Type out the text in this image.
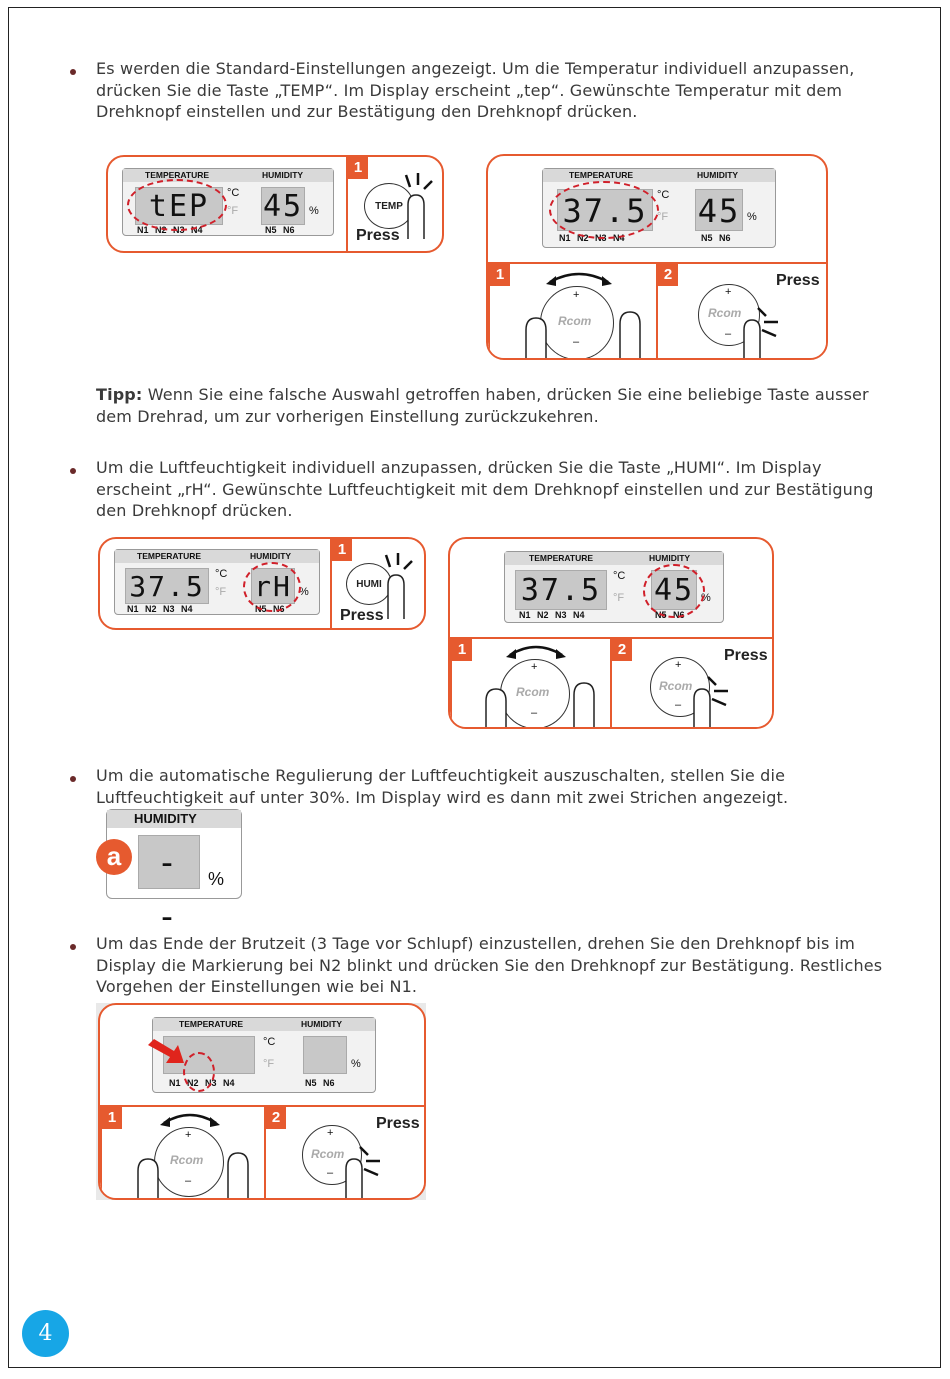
Es werden die Standard-Einstellungen angezeigt. Um die Temperatur individuell anzupassen, drücken Sie die Taste „TEMP“. Im Display erscheint „tep“. Gewünschte Temperatur mit dem Drehknopf einstellen und zur Bestätigung den Drehknopf drücken.
TEMPERATURE	HUMIDITY
tEP	°C
°F 45 %
N1 N2 N3 N4	N5 N6
1
TEMP
Press
TEMPERATURE	HUMIDITY
37.5 °C
°F 45 %
N1 N2 N3 N4	N5 N6
1
Rcom
+
–
2	Press
Rcom
+
–
Tipp: Wenn Sie eine falsche Auswahl getroffen haben, drücken Sie eine beliebige Taste ausser dem Drehrad, um zur vorherigen Einstellung zurückzukehren.
Um die Luftfeuchtigkeit individuell anzupassen, drücken Sie die Taste „HUMI“. Im Display erscheint „rH“. Gewünschte Luftfeuchtigkeit mit dem Drehknopf einstellen und zur Bestätigung den Drehknopf drücken.
TEMPERATURE	HUMIDITY
37.5 °C
°F rH %
N1 N2 N3 N4	N5 N6
1
HUMI
Press
TEMPERATURE	HUMIDITY
37.5	°C
°F 45 %
N1 N2 N3 N4	N5 N6
1
Rcom
+
–
2	Press
Rcom
+
–
Um die automatische Regulierung der Luftfeuchtigkeit auszuschalten, stellen Sie die Luftfeuchtigkeit auf unter 30%. Im Display wird es dann mit zwei Strichen angezeigt.
HUMIDITY
- -
%
a
Um das Ende der Brutzeit (3 Tage vor Schlupf) einzustellen, drehen Sie den Drehknopf bis im Display die Markierung bei N2 blinkt und drücken Sie den Drehknopf zur Bestätigung. Restliches Vorgehen der Einstellungen wie bei N1.
TEMPERATURE	HUMIDITY
°C
°F	%
N1 N2 N3 N4	N5 N6
1
Rcom
+
–
2	Press
Rcom
+
–
4
